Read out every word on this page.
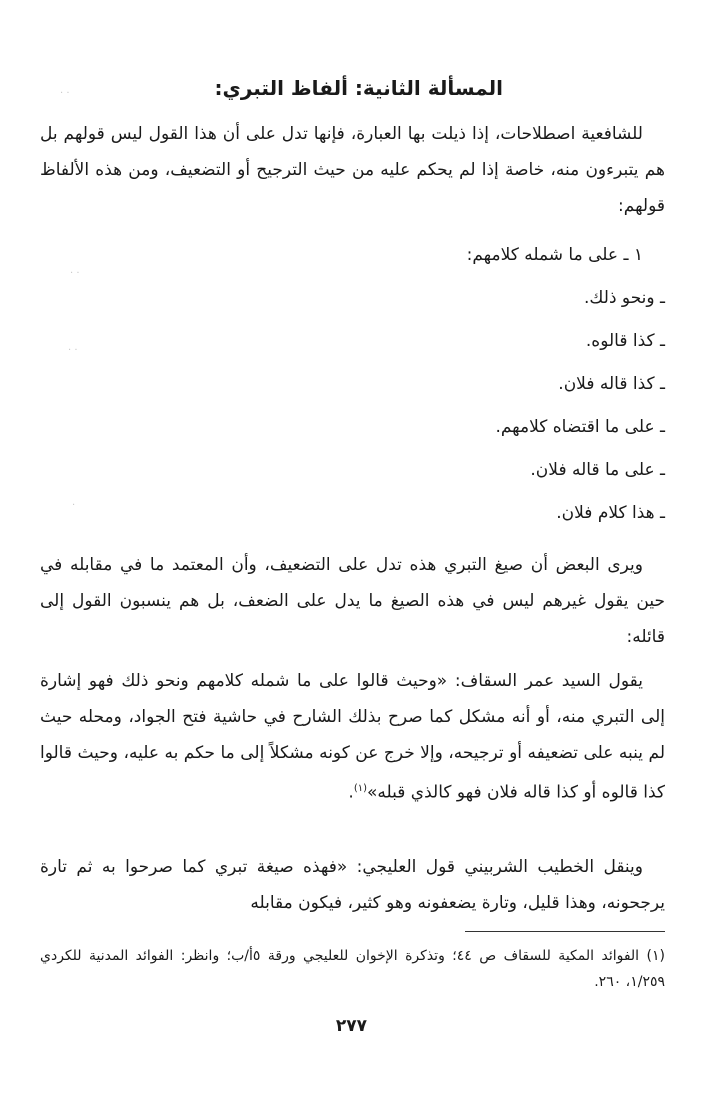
المسألة الثانية: ألفاظ التبري:
للشافعية اصطلاحات، إذا ذيلت بها العبارة، فإنها تدل على أن هذا القول ليس قولهم بل هم يتبرءون منه، خاصة إذا لم يحكم عليه من حيث الترجيح أو التضعيف، ومن هذه الألفاظ قولهم:
١ ـ على ما شمله كلامهم:
ـ ونحو ذلك.
ـ كذا قالوه.
ـ كذا قاله فلان.
ـ على ما اقتضاه كلامهم.
ـ على ما قاله فلان.
ـ هذا كلام فلان.
ويرى البعض أن صيغ التبري هذه تدل على التضعيف، وأن المعتمد ما في مقابله في حين يقول غيرهم ليس في هذه الصيغ ما يدل على الضعف، بل هم ينسبون القول إلى قائله:
يقول السيد عمر السقاف: «وحيث قالوا على ما شمله كلامهم ونحو ذلك فهو إشارة إلى التبري منه، أو أنه مشكل كما صرح بذلك الشارح في حاشية فتح الجواد، ومحله حيث لم ينبه على تضعيفه أو ترجيحه، وإلا خرج عن كونه مشكلاً إلى ما حكم به عليه، وحيث قالوا كذا قالوه أو كذا قاله فلان فهو كالذي قبله»$^{(١)}$.
وينقل الخطيب الشربيني قول العليجي: «فهذه صيغة تبري كما صرحوا به ثم تارة يرجحونه، وهذا قليل، وتارة يضعفونه وهو كثير، فيكون مقابله
(١) الفوائد المكية للسقاف ص ٤٤؛ وتذكرة الإخوان للعليجي ورقة ٥أ/ب؛ وانظر: الفوائد المدنية للكردي ١/٢٥٩، ٢٦٠.
٢٧٧
· ·
· ·
· ·
·
